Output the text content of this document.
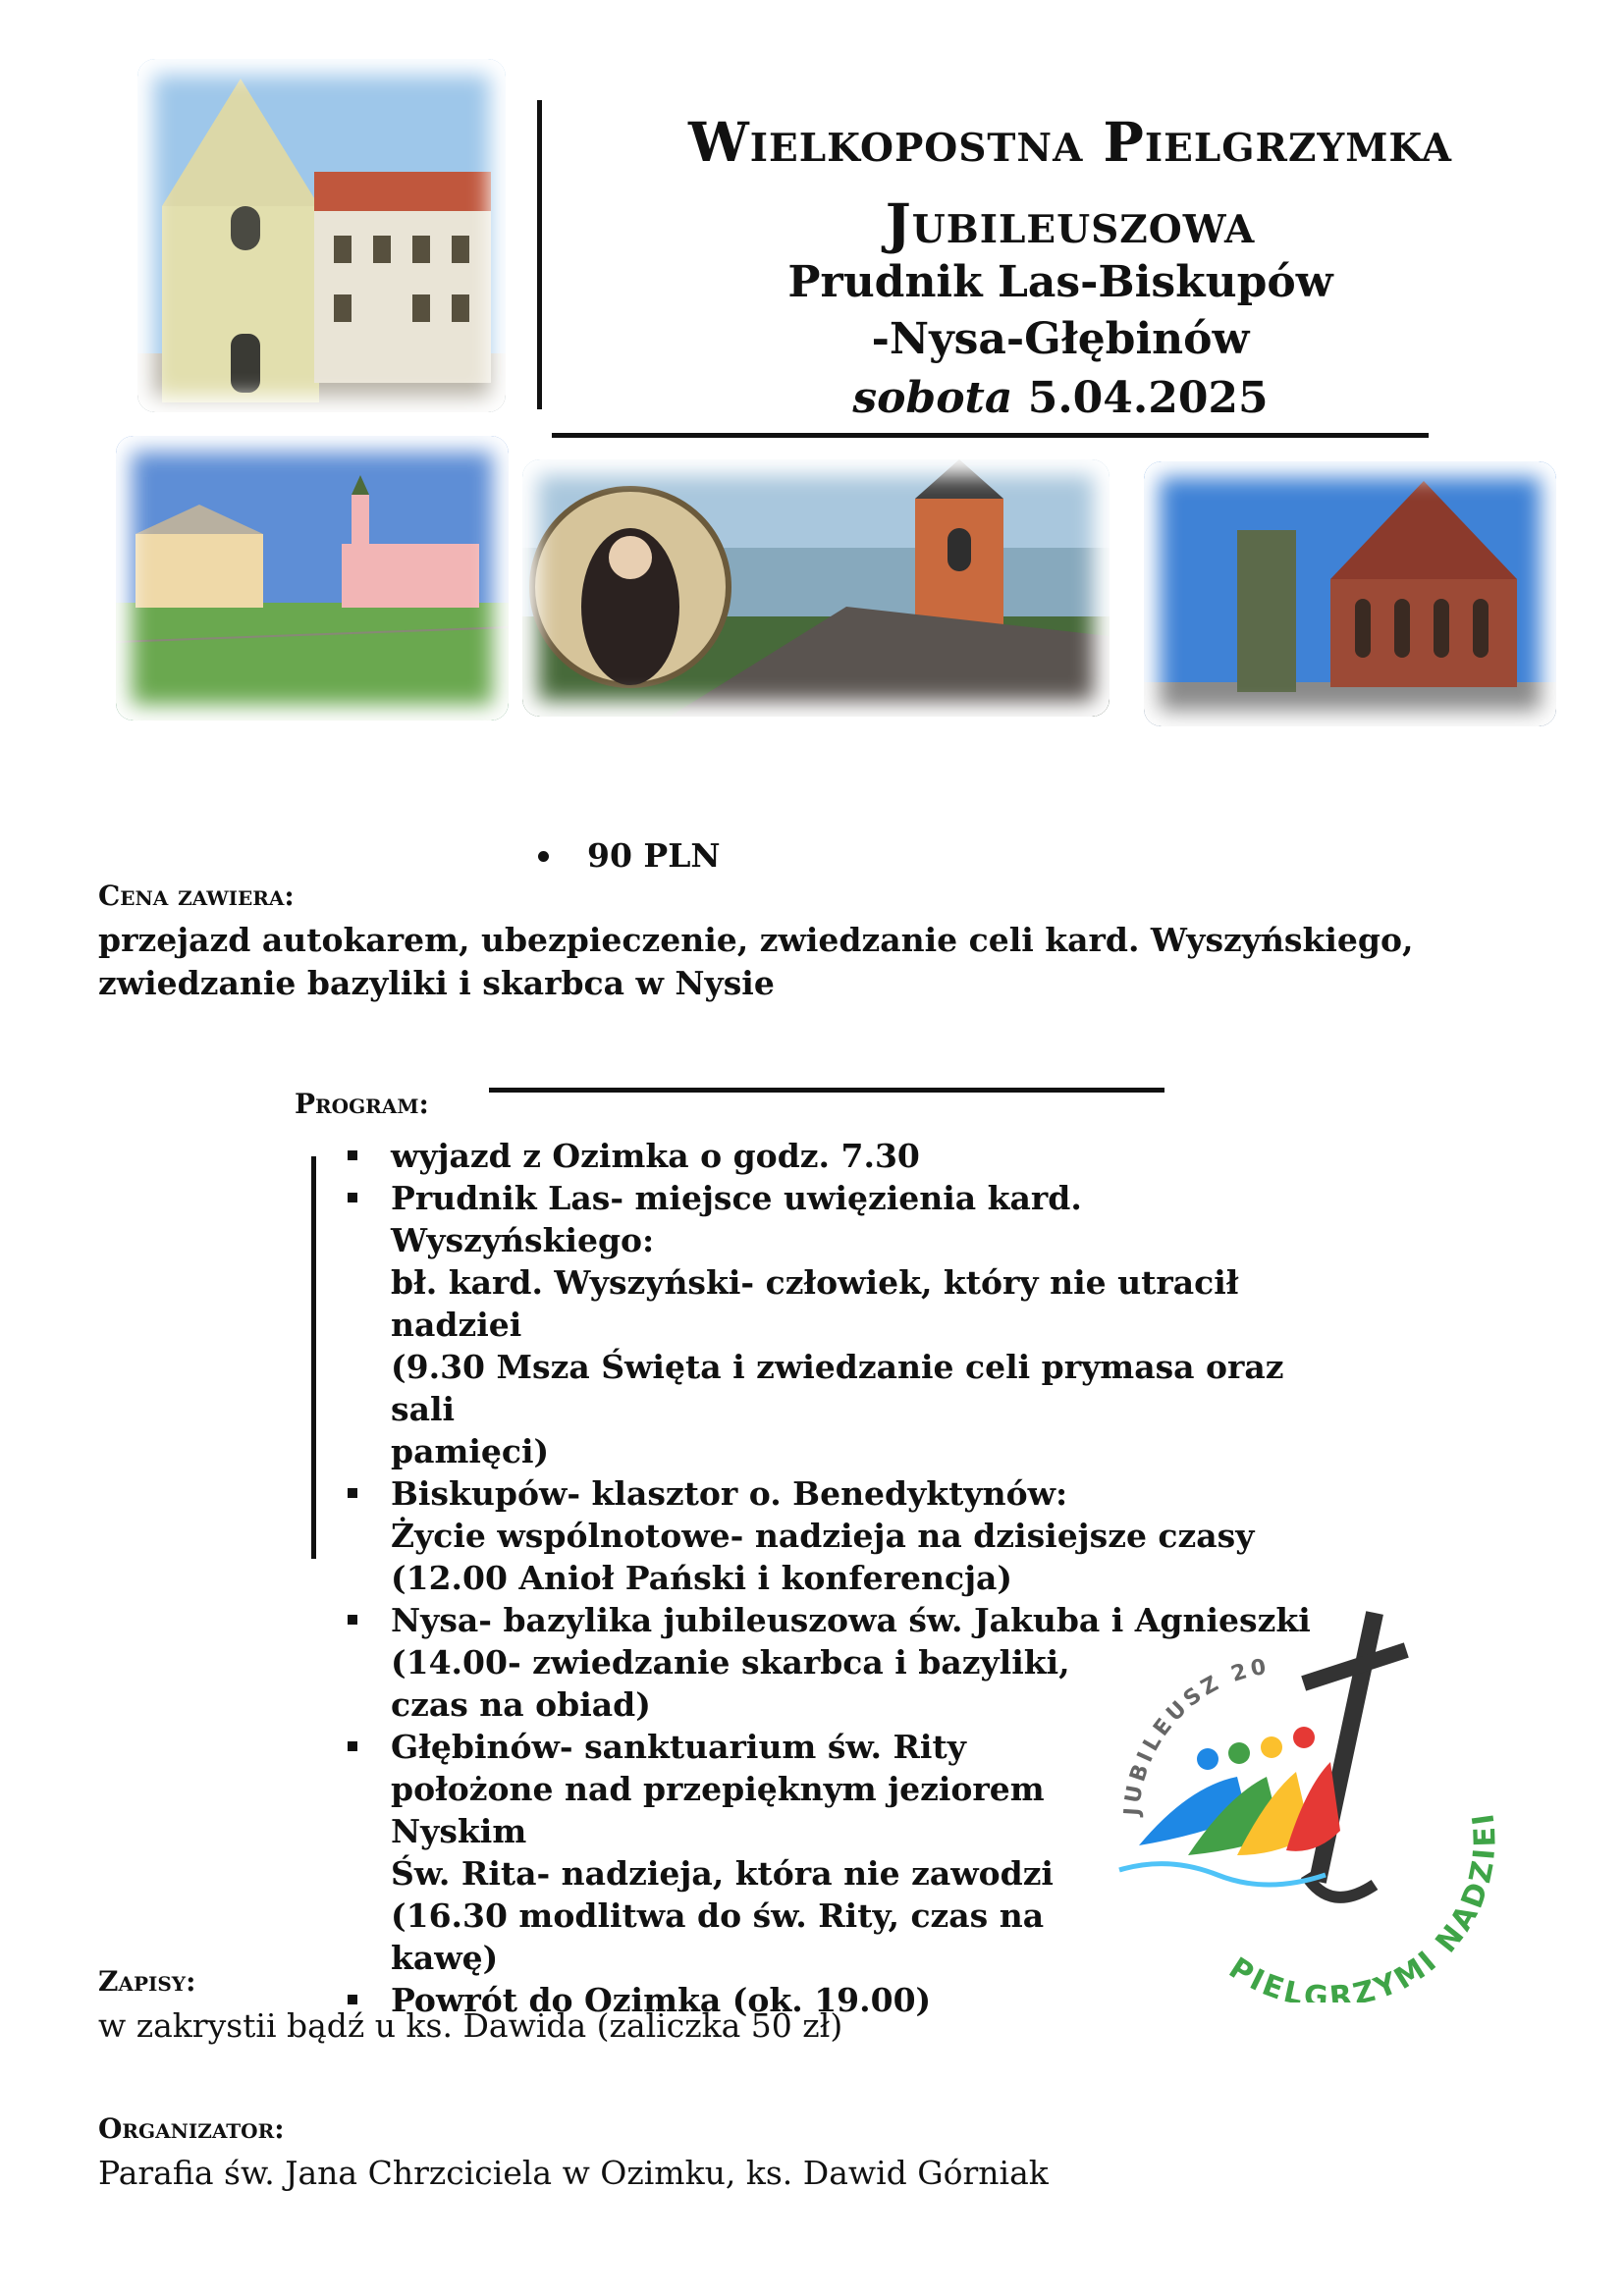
Wielkopostna Pielgrzymka
Jubileuszowa
Prudnik Las-Biskupów
-Nysa-Głębinów
sobota 5.04.2025
90 PLN
Cena zawiera:
przejazd autokarem, ubezpieczenie, zwiedzanie celi kard. Wyszyńskiego, zwiedzanie bazyliki i skarbca w Nysie
Program:
wyjazd z Ozimka o godz. 7.30
Prudnik Las- miejsce uwięzienia kard. Wyszyńskiego:
bł. kard. Wyszyński- człowiek, który nie utracił nadziei
(9.30 Msza Święta i zwiedzanie celi prymasa oraz sali
pamięci)
Biskupów- klasztor o. Benedyktynów:
Życie wspólnotowe- nadzieja na dzisiejsze czasy
(12.00 Anioł Pański i konferencja)
Nysa- bazylika jubileuszowa św. Jakuba i Agnieszki
(14.00- zwiedzanie skarbca i bazyliki,
czas na obiad)
Głębinów- sanktuarium św. Rity
położone nad przepięknym jeziorem
Nyskim
Św. Rita- nadzieja, która nie zawodzi
(16.30 modlitwa do św. Rity, czas na
kawę)
Powrót do Ozimka (ok. 19.00)
JUBILEUSZ 20
PIELGRZYMI NADZIEI
Zapisy:
w zakrystii bądź u ks. Dawida (zaliczka 50 zł)
Organizator:
Parafia św. Jana Chrzciciela w Ozimku, ks. Dawid Górniak
